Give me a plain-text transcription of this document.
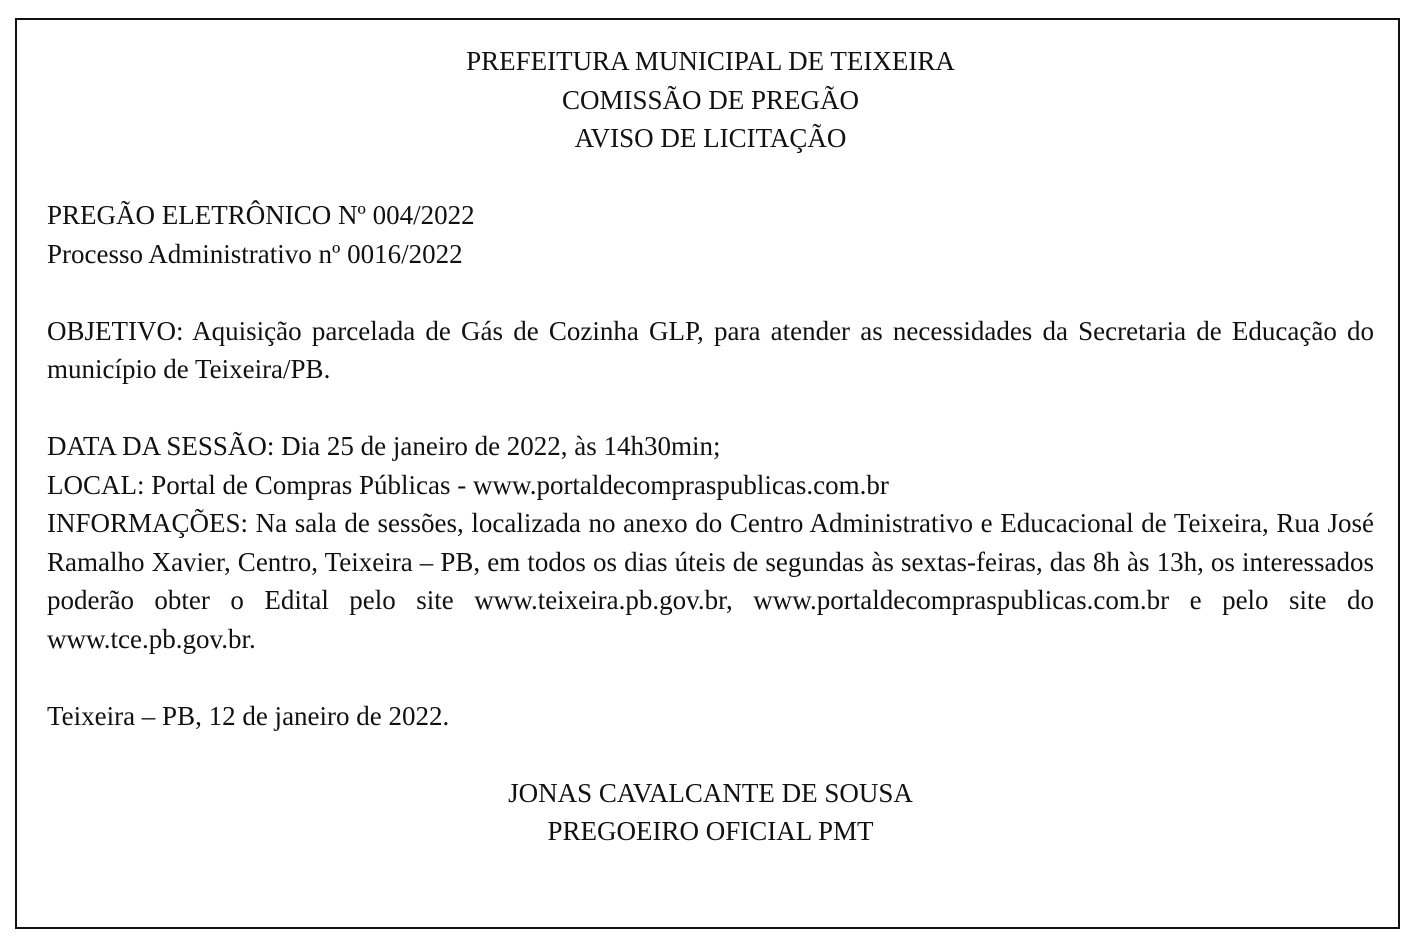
PREFEITURA MUNICIPAL DE TEIXEIRA
COMISSÃO DE PREGÃO
AVISO DE LICITAÇÃO
PREGÃO ELETRÔNICO Nº 004/2022
Processo Administrativo nº 0016/2022

OBJETIVO: Aquisição parcelada de Gás de Cozinha GLP, para atender as necessidades da Secretaria de Educação do município de Teixeira/PB.

DATA DA SESSÃO: Dia 25 de janeiro de 2022, às 14h30min;
LOCAL: Portal de Compras Públicas - www.portaldecompraspublicas.com.br

INFORMAÇÕES: Na sala de sessões, localizada no anexo do Centro Administrativo e Educacional de Teixeira, Rua José Ramalho Xavier, Centro, Teixeira – PB, em todos os dias úteis de segundas às sextas-feiras, das 8h às 13h, os interessados poderão obter o Edital pelo site www.teixeira.pb.gov.br, www.portaldecompraspublicas.com.br e pelo site do www.tce.pb.gov.br.

Teixeira – PB, 12 de janeiro de 2022.
JONAS CAVALCANTE DE SOUSA
PREGOEIRO OFICIAL PMT
